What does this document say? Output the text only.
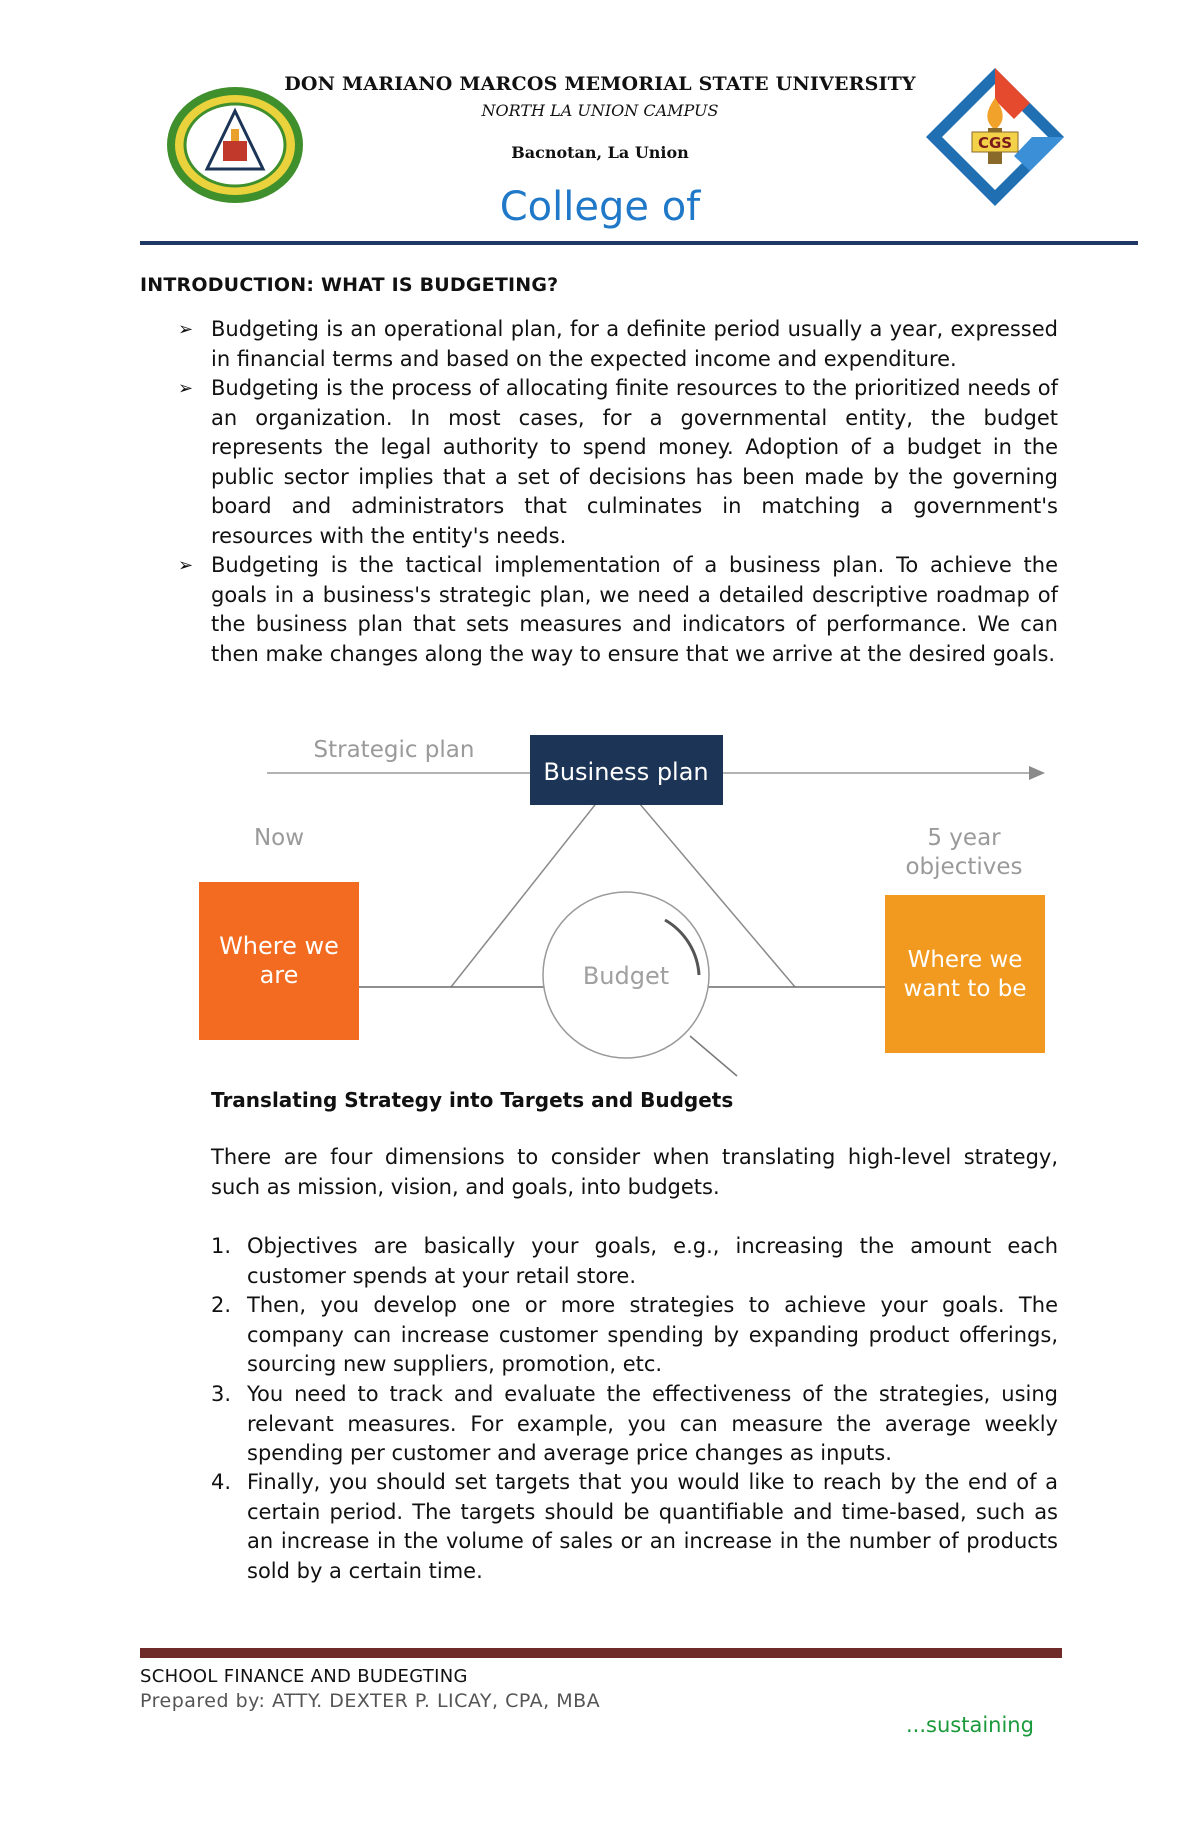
DON MARIANO MARCOS MEMORIAL STATE UNIVERSITY
NORTH LA UNION CAMPUS
Bacnotan, La Union
College of
CGS
INTRODUCTION: WHAT IS BUDGETING?
➢ Budgeting is an operational plan, for a definite period usually a year, expressed in financial terms and based on the expected income and expenditure.
➢ Budgeting is the process of allocating finite resources to the prioritized needs of an organization. In most cases, for a governmental entity, the budget represents the legal authority to spend money. Adoption of a budget in the public sector implies that a set of decisions has been made by the governing board and administrators that culminates in matching a government's resources with the entity's needs.
➢ Budgeting is the tactical implementation of a business plan. To achieve the goals in a business's strategic plan, we need a detailed descriptive roadmap of the business plan that sets measures and indicators of performance. We can then make changes along the way to ensure that we arrive at the desired goals.
Strategic plan
Business plan
Now	5 year
objectives
Where we
are
Where we
want to be
Budget
Translating Strategy into Targets and Budgets
There are four dimensions to consider when translating high-level strategy, such as mission, vision, and goals, into budgets.
1. Objectives are basically your goals, e.g., increasing the amount each customer spends at your retail store.
2. Then, you develop one or more strategies to achieve your goals. The company can increase customer spending by expanding product offerings, sourcing new suppliers, promotion, etc.
3. You need to track and evaluate the effectiveness of the strategies, using relevant measures. For example, you can measure the average weekly spending per customer and average price changes as inputs.
4. Finally, you should set targets that you would like to reach by the end of a certain period. The targets should be quantifiable and time-based, such as an increase in the volume of sales or an increase in the number of products sold by a certain time.
SCHOOL FINANCE AND BUDEGTING
Prepared by: ATTY. DEXTER P. LICAY, CPA, MBA
...sustaining
